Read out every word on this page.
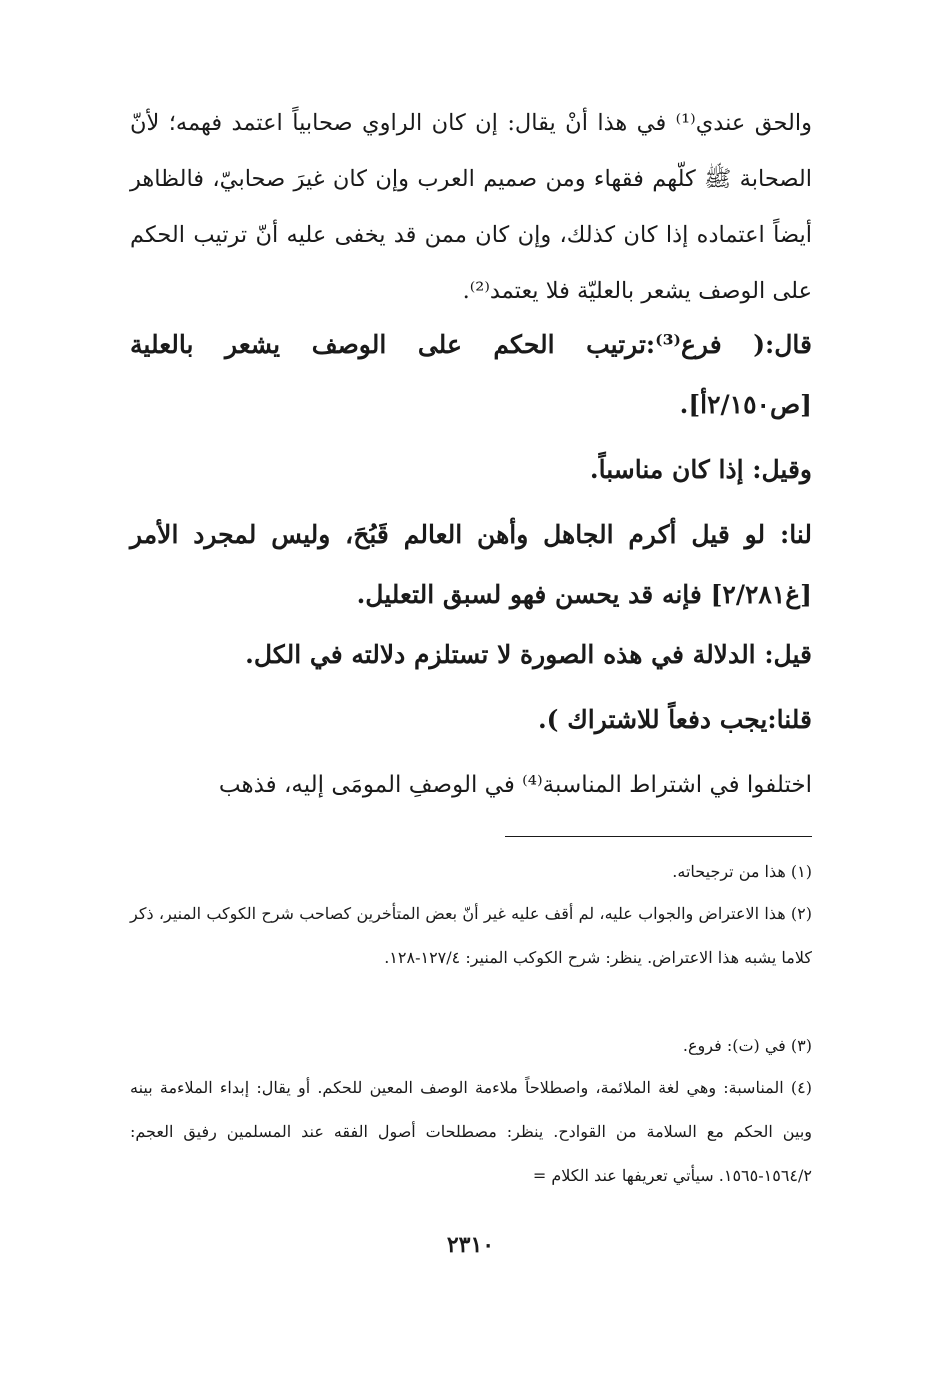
والحق عندي⁽¹⁾ في هذا أنْ يقال: إن كان الراوي صحابياً اعتمد فهمه؛ لأنّ الصحابة ﷺ كلّهم فقهاء ومن صميم العرب وإن كان غيرَ صحابيّ، فالظاهر أيضاً اعتماده إذا كان كذلك، وإن كان ممن قد يخفى عليه أنّ ترتيب الحكم على الوصف يشعر بالعليّة فلا يعتمد⁽²⁾.
قال:( فرع⁽³⁾:ترتيب الحكم على الوصف يشعر بالعلية [ص٢/١٥٠أ].
وقيل: إذا كان مناسباً.
لنا: لو قيل أكرم الجاهل وأهن العالم قَبُحَ، وليس لمجرد الأمر [غ٢/٢٨١] فإنه قد يحسن فهو لسبق التعليل.
قيل: الدلالة في هذه الصورة لا تستلزم دلالته في الكل.
قلنا:يجب دفعاً للاشتراك ).
اختلفوا في اشتراط المناسبة⁽⁴⁾ في الوصفِ المومَى إليه، فذهب
(١) هذا من ترجيحاته.
(٢) هذا الاعتراض والجواب عليه، لم أقف عليه غير أنّ بعض المتأخرين كصاحب شرح الكوكب المنير، ذكر كلاما يشبه هذا الاعتراض. ينظر: شرح الكوكب المنير: ١٢٧/٤-١٢٨.
(٣) في (ت): فروع.
(٤) المناسبة: وهي لغة الملائمة، واصطلاحاً ملاءمة الوصف المعين للحكم. أو يقال: إبداء الملاءمة بينه وبين الحكم مع السلامة من القوادح. ينظر: مصطلحات أصول الفقه عند المسلمين رفيق العجم: ١٥٦٤/٢-١٥٦٥. سيأتي تعريفها عند الكلام =
٢٣١٠
